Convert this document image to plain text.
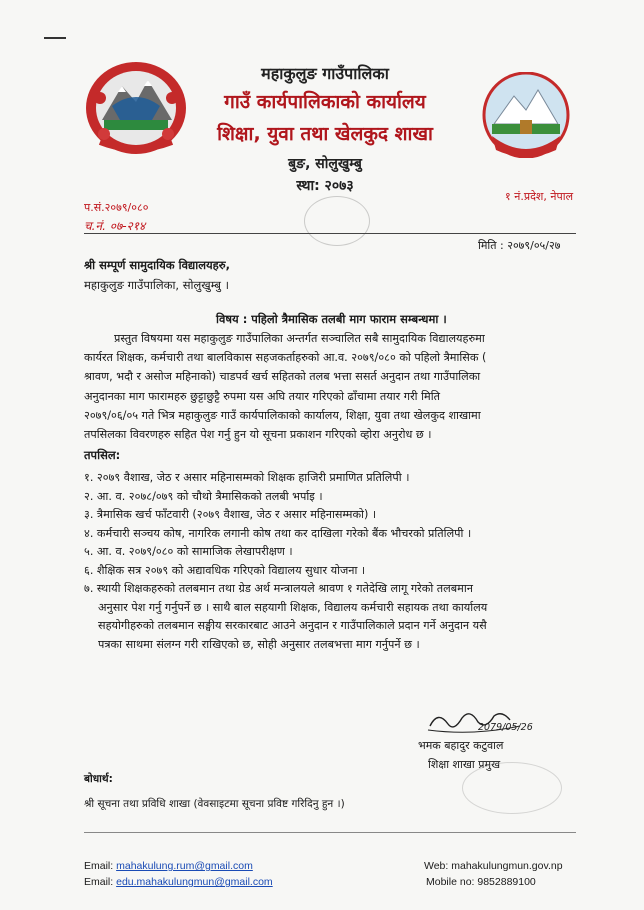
महाकुलुङ गाउँपालिका
गाउँ कार्यपालिकाको कार्यालय
शिक्षा, युवा तथा खेलकुद शाखा
बुङ, सोलुखुम्बु
स्था: २०७३
१ नं.प्रदेश, नेपाल
प.सं.२०७९/०८०
च.नं. ०७-२१४
मिति : २०७९/०५/२७
श्री सम्पूर्ण सामुदायिक विद्यालयहरु,
महाकुलुङ गाउँपालिका, सोलुखुम्बु ।
विषय : पहिलो त्रैमासिक तलबी माग फाराम सम्बन्धमा ।
प्रस्तुत विषयमा यस महाकुलुङ गाउँपालिका अन्तर्गत सञ्चालित सबै सामुदायिक विद्यालयहरुमा
कार्यरत शिक्षक, कर्मचारी तथा बालविकास सहजकर्ताहरुको आ.व. २०७९/०८० को पहिलो त्रैमासिक (
श्रावण, भदौ र असोज महिनाको) चाडपर्व खर्च सहितको तलब भत्ता ससर्त अनुदान तथा गाउँपालिका
अनुदानका माग फारामहरु छुट्टाछुट्टै रुपमा यस अघि तयार गरिएको ढाँचामा तयार गरी मिति
२०७९/०६/०५ गते भित्र महाकुलुङ गाउँ कार्यपालिकाको कार्यालय, शिक्षा, युवा तथा खेलकुद शाखामा
तपसिलका विवरणहरु सहित पेश गर्नु हुन यो सूचना प्रकाशन गरिएको व्होरा अनुरोध छ ।
तपसिल:
१. २०७९ वैशाख, जेठ र असार महिनासम्मको शिक्षक हाजिरी प्रमाणित प्रतिलिपी ।
२. आ. व. २०७८/०७९ को चौथो त्रैमासिकको तलबी भर्पाइ ।
३. त्रैमासिक खर्च फाँटवारी (२०७९ वैशाख, जेठ र असार महिनासम्मको) ।
४. कर्मचारी सञ्चय कोष, नागरिक लगानी कोष तथा कर दाखिला गरेको बैंक भौचरको प्रतिलिपी ।
५. आ. व. २०७९/०८० को सामाजिक लेखापरीक्षण ।
६. शैक्षिक सत्र २०७९ को अद्यावधिक गरिएको विद्यालय सुधार योजना ।
७. स्थायी शिक्षकहरुको तलबमान तथा ग्रेड अर्थ मन्त्रालयले श्रावण १ गतेदेखि लागू गरेको तलबमान
अनुसार पेश गर्नु गर्नुपर्ने छ । साथै बाल सहयागी शिक्षक, विद्यालय कर्मचारी सहायक तथा कार्यालय
सहयोगीहरुको तलबमान सङ्घीय सरकारबाट आउने अनुदान र गाउँपालिकाले प्रदान गर्ने अनुदान यसै
पत्रका साथमा संलग्न गरी राखिएको छ, सोही अनुसार तलबभत्ता माग गर्नुपर्ने छ ।
2079/05/26
भमक बहादुर कटुवाल
शिक्षा शाखा प्रमुख
बोधार्थ:
श्री सूचना तथा प्रविधि शाखा (वेवसाइटमा सूचना प्रविष्ट गरिदिनु हुन ।)
Email: mahakulung.rum@gmail.com
Email: edu.mahakulungmun@gmail.com
Web: mahakulungmun.gov.np
Mobile no: 9852889100
